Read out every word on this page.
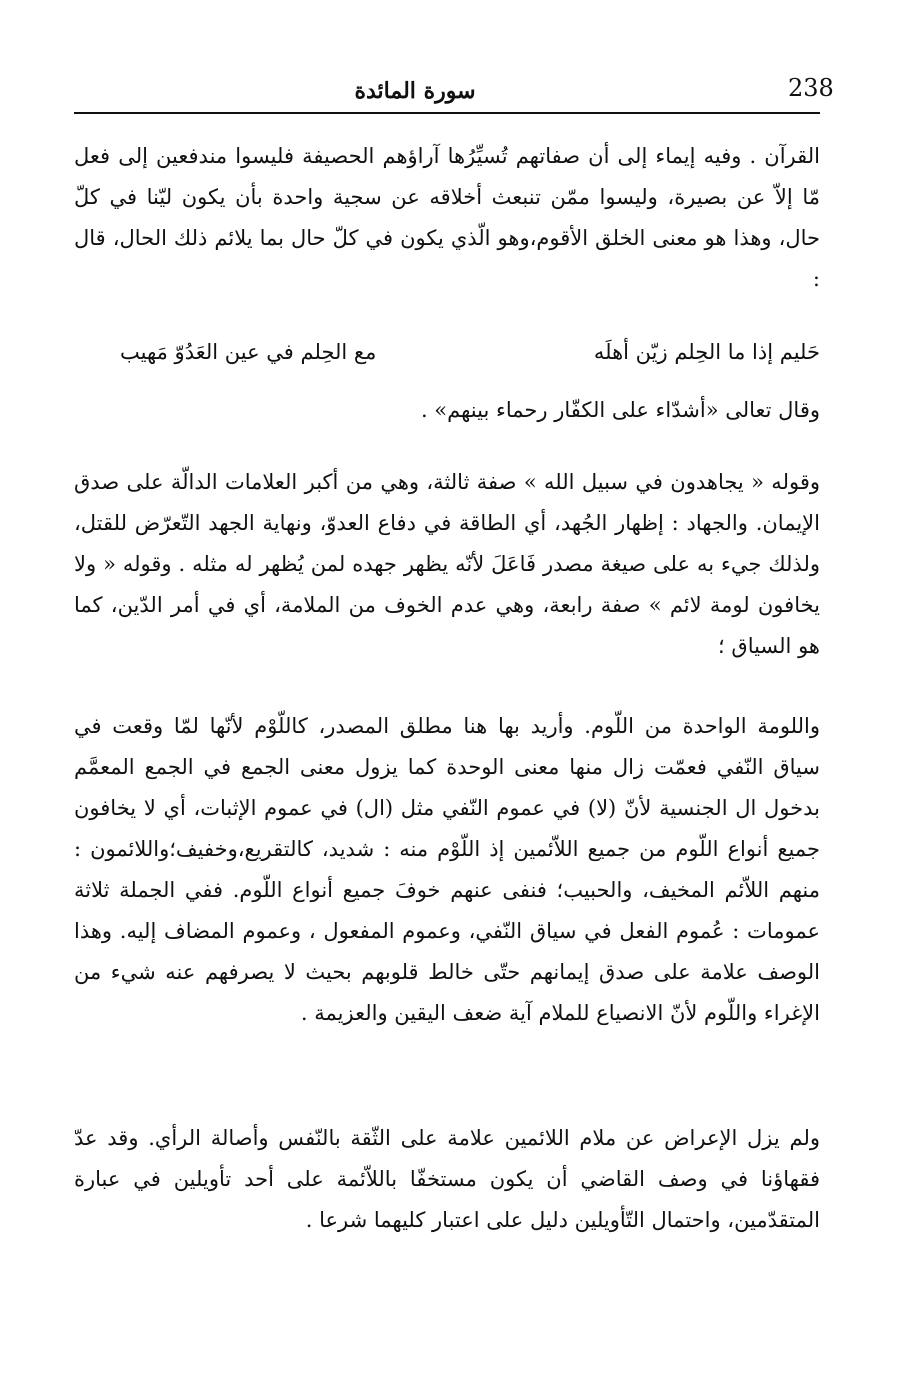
238
سورة المائدة

القرآن . وفيه إيماء إلى أن صفاتهم تُسيِّرُها آراؤهم الحصيفة فليسوا مندفعين إلى فعل مّا إلاّ عن بصيرة، وليسوا ممّن تنبعث أخلاقه عن سجية واحدة بأن يكون ليّنا في كلّ حال، وهذا هو معنى الخلق الأقوم،وهو الّذي يكون في كلّ حال بما يلائم ذلك الحال، قال :

حَليم إذا ما الحِلم زيّن أهلَه
مع الحِلم في عين العَدُوّ مَهيب

وقال تعالى «أشدّاء على الكفّار رحماء بينهم» .

وقوله « يجاهدون في سبيل الله » صفة ثالثة، وهي من أكبر العلامات الدالّة على صدق الإيمان. والجهاد : إظهار الجُهد، أي الطاقة في دفاع العدوّ، ونهاية الجهد التّعرّض للقتل، ولذلك جيء به على صيغة مصدر فَاعَلَ لأنّه يظهر جهده لمن يُظهر له مثله . وقوله « ولا يخافون لومة لائم » صفة رابعة، وهي عدم الخوف من الملامة، أي في أمر الدّين، كما هو السياق ؛

واللومة الواحدة من اللّوم. وأريد بها هنا مطلق المصدر، كاللّوْم لأنّها لمّا وقعت في سياق النّفي فعمّت زال منها معنى الوحدة كما يزول معنى الجمع في الجمع المعمَّم بدخول ال الجنسية لأنّ (لا) في عموم النّفي مثل (ال) في عموم الإثبات، أي لا يخافون جميع أنواع اللّوم من جميع اللاّئمين إذ اللّوْم منه : شديد، كالتقريع،وخفيف؛واللائمون : منهم اللاّئم المخيف، والحبيب؛ فنفى عنهم خوفَ جميع أنواع اللّوم. ففي الجملة ثلاثة عمومات : عُموم الفعل في سياق النّفي، وعموم المفعول ، وعموم المضاف إليه. وهذا الوصف علامة على صدق إيمانهم حتّى خالط قلوبهم بحيث لا يصرفهم عنه شيء من الإغراء واللّوم لأنّ الانصياع للملام آية ضعف اليقين والعزيمة .

ولم يزل الإعراض عن ملام اللائمين علامة على الثّقة بالنّفس وأصالة الرأي. وقد عدّ فقهاؤنا في وصف القاضي أن يكون مستخفّا باللاّئمة على أحد تأويلين في عبارة المتقدّمين، واحتمال التّأويلين دليل على اعتبار كليهما شرعا .
